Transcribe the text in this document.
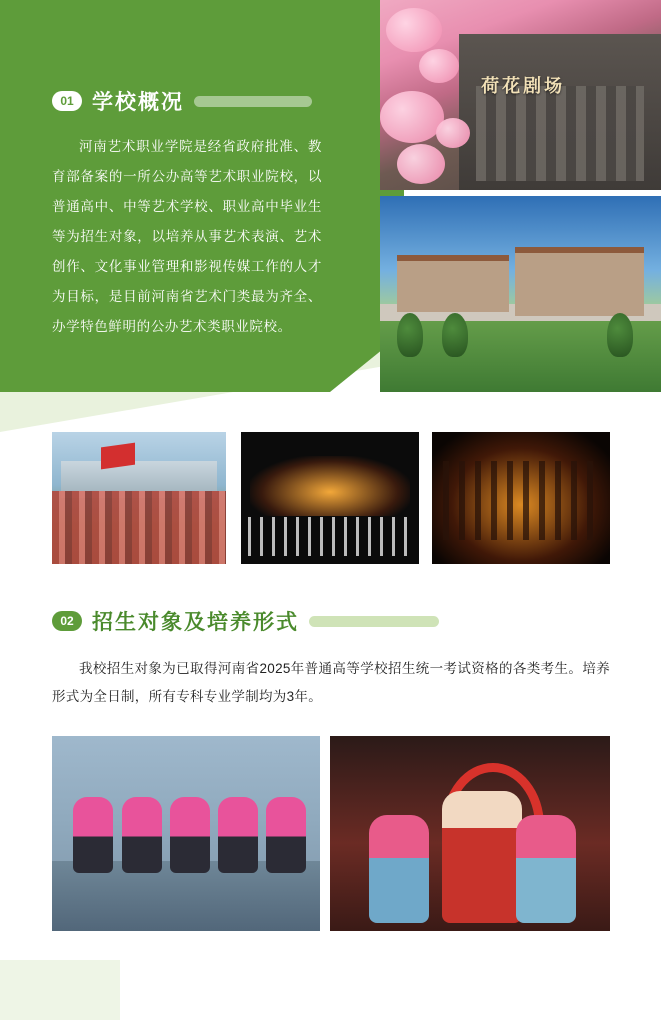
01 学校概况
河南艺术职业学院是经省政府批准、教育部备案的一所公办高等艺术职业院校，以普通高中、中等艺术学校、职业高中毕业生等为招生对象，以培养从事艺术表演、艺术创作、文化事业管理和影视传媒工作的人才为目标，是目前河南省艺术门类最为齐全、办学特色鲜明的公办艺术类职业院校。
荷花剧场
02 招生对象及培养形式
我校招生对象为已取得河南省2025年普通高等学校招生统一考试资格的各类考生。培养形式为全日制，所有专科专业学制均为3年。
